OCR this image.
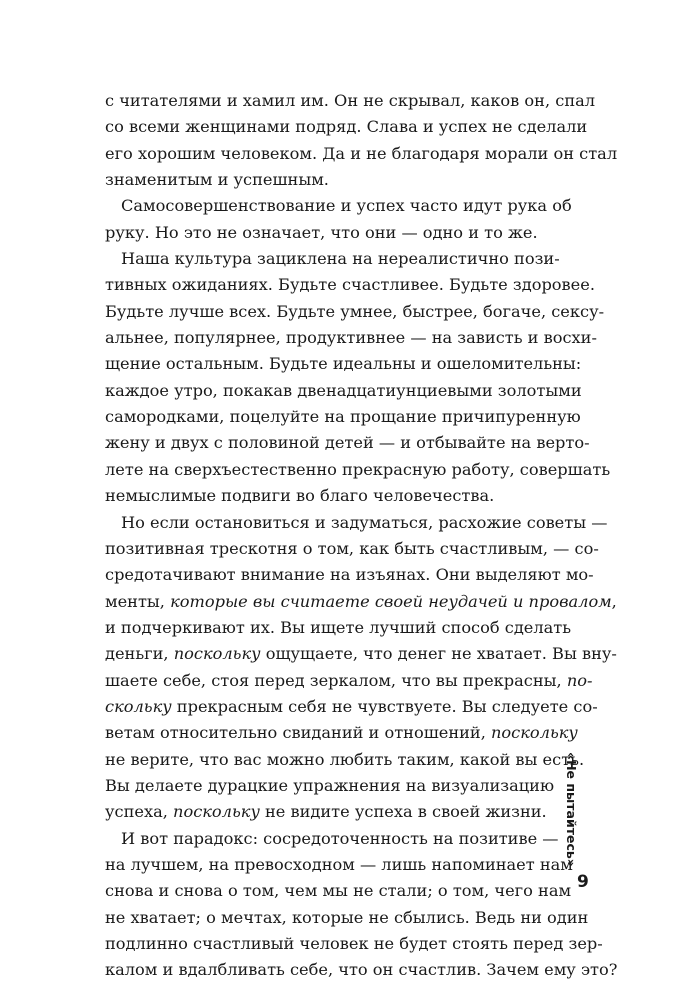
с читателями и хамил им. Он не скрывал, каков он, спал
со всеми женщинами подряд. Слава и успех не сделали
его хорошим человеком. Да и не благодаря морали он стал
знаменитым и успешным.
Самосовершенствование и успех часто идут рука об
руку. Но это не означает, что они — одно и то же.
Наша культура зациклена на нереалистично пози-
тивных ожиданиях. Будьте счастливее. Будьте здоровее.
Будьте лучше всех. Будьте умнее, быстрее, богаче, сексу-
альнее, популярнее, продуктивнее — на зависть и восхи-
щение остальным. Будьте идеальны и ошеломительны:
каждое утро, покакав двенадцатиунциевыми золотыми
самородками, поцелуйте на прощание причипуренную
жену и двух с половиной детей — и отбывайте на верто-
лете на сверхъестественно прекрасную работу, совершать
немыслимые подвиги во благо человечества.
Но если остановиться и задуматься, расхожие советы —
позитивная трескотня о том, как быть счастливым, — со-
средотачивают внимание на изъянах. Они выделяют мо-
менты, которые вы считаете своей неудачей и провалом,
и подчеркивают их. Вы ищете лучший способ сделать
деньги, поскольку ощущаете, что денег не хватает. Вы вну-
шаете себе, стоя перед зеркалом, что вы прекрасны, по-
скольку прекрасным себя не чувствуете. Вы следуете со-
ветам относительно свиданий и отношений, поскольку
не верите, что вас можно любить таким, какой вы есть.
Вы делаете дурацкие упражнения на визуализацию
успеха, поскольку не видите успеха в своей жизни.
И вот парадокс: сосредоточенность на позитиве —
на лучшем, на превосходном — лишь напоминает нам
снова и снова о том, чем мы не стали; о том, чего нам
не хватает; о мечтах, которые не сбылись. Ведь ни один
подлинно счастливый человек не будет стоять перед зер-
калом и вдалбливать себе, что он счастлив. Зачем ему это?
«Не пытайтесь»
9
